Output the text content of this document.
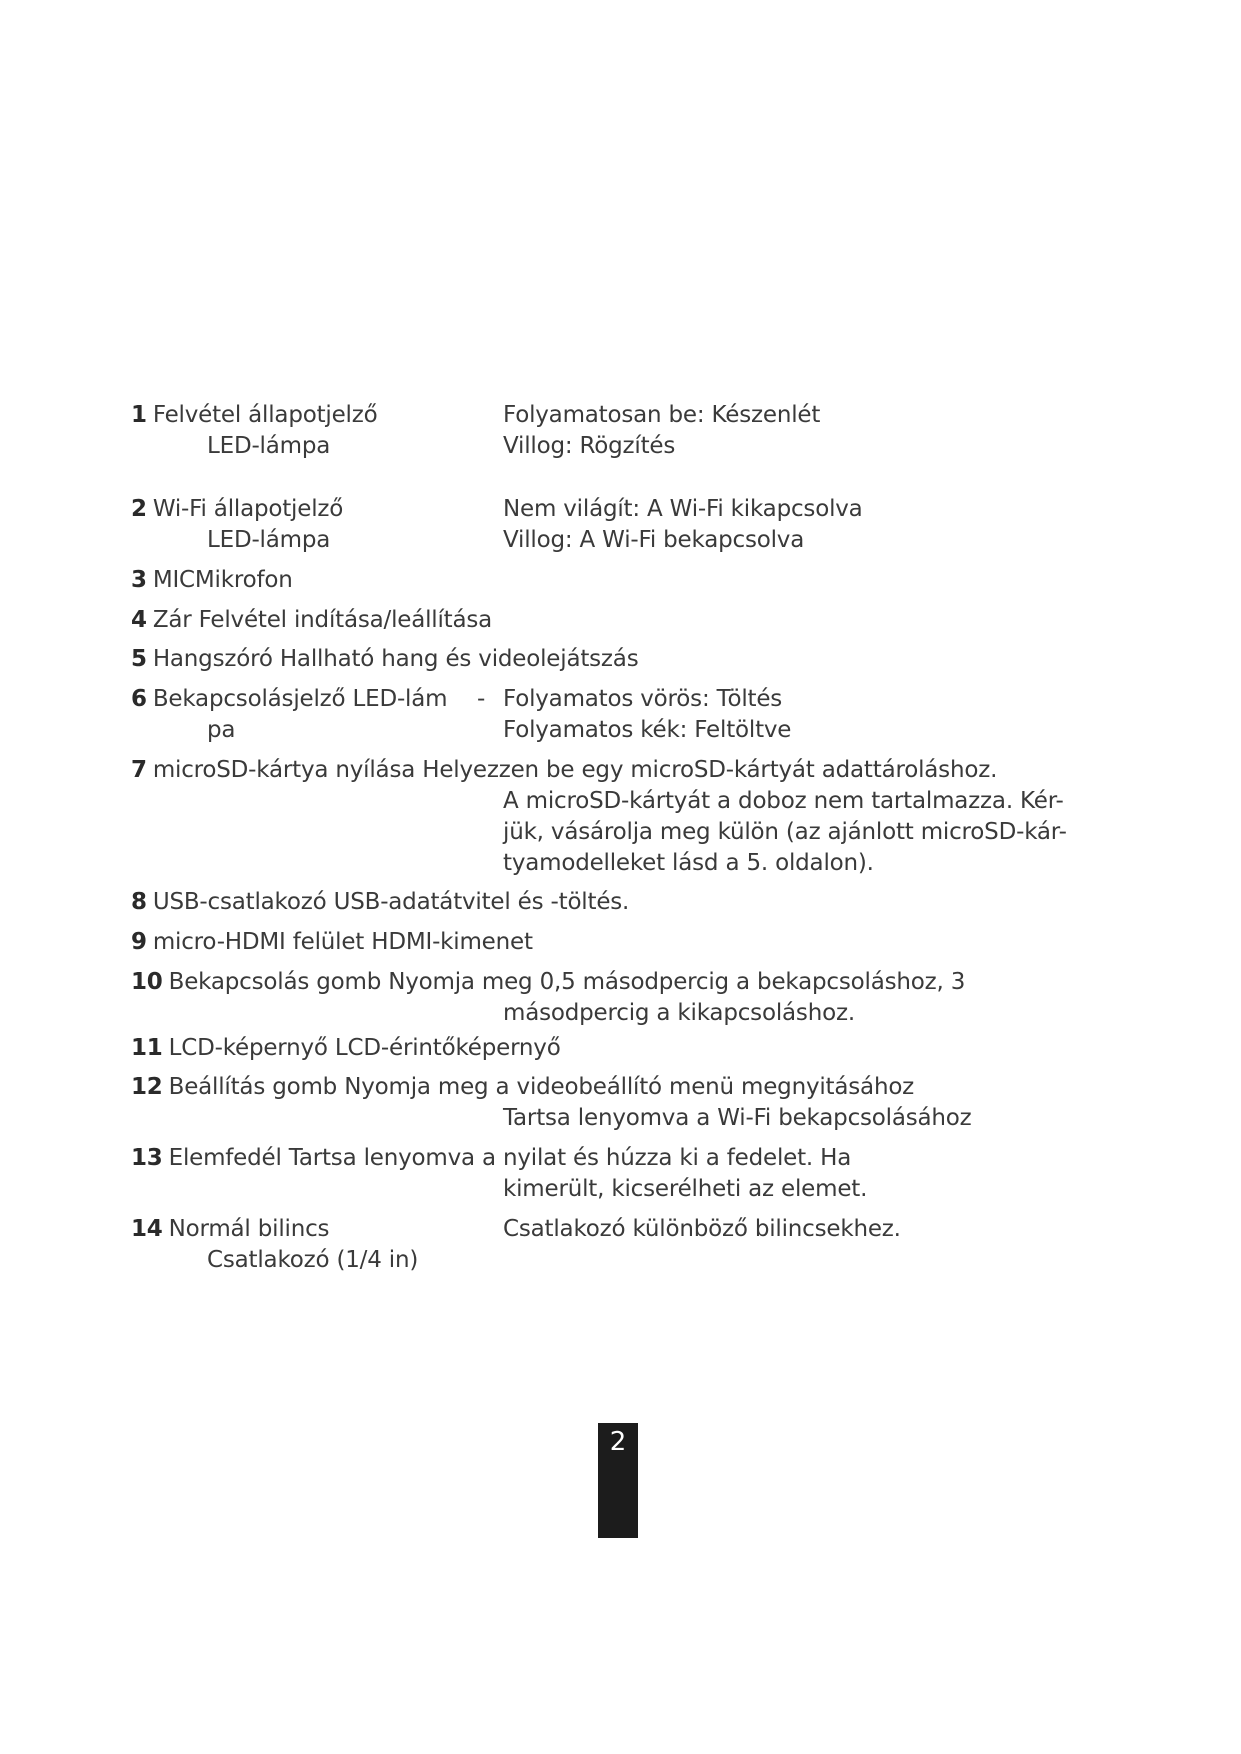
1 Felvétel állapotjelző
LED-lámpa
Folyamatosan be: Készenlét
Villog: Rögzítés
2 Wi-Fi állapotjelző
LED-lámpa
Nem világít: A Wi-Fi kikapcsolva
Villog: A Wi-Fi bekapcsolva
3 MICMikrofon
4 Zár Felvétel indítása/leállítása
5 Hangszóró Hallható hang és videolejátszás
6 Bekapcsolásjelző LED-lám
pa
- Folyamatos vörös: Töltés
Folyamatos kék: Feltöltve
7 microSD-kártya nyílása Helyezzen be egy microSD-kártyát adattároláshoz.
A microSD-kártyát a doboz nem tartalmazza. Kér-
jük, vásárolja meg külön (az ajánlott microSD-kár-
tyamodelleket lásd a 5. oldalon).
8 USB-csatlakozó USB-adatátvitel és -töltés.
9 micro-HDMI felület HDMI-kimenet
10 Bekapcsolás gomb Nyomja meg 0,5 másodpercig a bekapcsoláshoz, 3
másodpercig a kikapcsoláshoz.
11 LCD-képernyő LCD-érintőképernyő
12 Beállítás gomb Nyomja meg a videobeállító menü megnyitásához
Tartsa lenyomva a Wi-Fi bekapcsolásához
13 Elemfedél Tartsa lenyomva a nyilat és húzza ki a fedelet. Ha
kimerült, kicserélheti az elemet.
14 Normál bilincs
Csatlakozó (1/4 in)
Csatlakozó különböző bilincsekhez.
2
